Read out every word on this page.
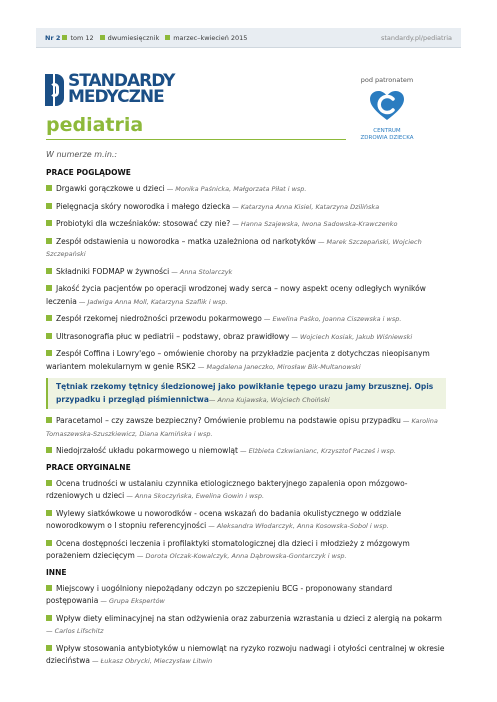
Nr 2 tom 12 dwumiesięcznik marzec–kwiecień 2015	standardy.pl/pediatria
STANDARDY
MEDYCZNE
pediatria
pod patronatem
CENTRUM
ZDROWIA DZIECKA
W numerze m.in.:
PRACE POGLĄDOWE
Drgawki gorączkowe u dzieci — Monika Paśnicka, Małgorzata Piłat i wsp.
Pielęgnacja skóry noworodka i małego dziecka — Katarzyna Anna Kisiel, Katarzyna Dzilińska
Probiotyki dla wcześniaków: stosować czy nie? — Hanna Szajewska, Iwona Sadowska-Krawczenko
Zespół odstawienia u noworodka – matka uzależniona od narkotyków — Marek Szczepański, Wojciech Szczepański
Składniki FODMAP w żywności — Anna Stolarczyk
Jakość życia pacjentów po operacji wrodzonej wady serca – nowy aspekt oceny odległych wyników leczenia — Jadwiga Anna Moll, Katarzyna Szaflik i wsp.
Zespół rzekomej niedrożności przewodu pokarmowego — Ewelina Paśko, Joanna Ciszewska i wsp.
Ultrasonografia płuc w pediatrii – podstawy, obraz prawidłowy — Wojciech Kosiak, Jakub Wiśniewski
Zespół Coffina i Lowry'ego – omówienie choroby na przykładzie pacjenta z dotychczas nieopisanym wariantem molekularnym w genie RSK2 — Magdalena Janeczko, Mirosław Bik-Multanowski
Tętniak rzekomy tętnicy śledzionowej jako powikłanie tępego urazu jamy brzusznej. Opis przypadku i przegląd piśmiennictwa— Anna Kujawska, Wojciech Choiński
Paracetamol – czy zawsze bezpieczny? Omówienie problemu na podstawie opisu przypadku — Karolina Tomaszewska-Szuszkiewicz, Diana Kamińska i wsp.
Niedojrzałość układu pokarmowego u niemowląt — Elżbieta Czkwianianc, Krzysztof Pacześ i wsp.
PRACE ORYGINALNE
Ocena trudności w ustalaniu czynnika etiologicznego bakteryjnego zapalenia opon mózgowo-rdzeniowych u dzieci — Anna Skoczyńska, Ewelina Gowin i wsp.
Wylewy siatkówkowe u noworodków - ocena wskazań do badania okulistycznego w oddziale noworodkowym o I stopniu referencyjności — Aleksandra Włodarczyk, Anna Kosowska-Sobol i wsp.
Ocena dostępności leczenia i profilaktyki stomatologicznej dla dzieci i młodzieży z mózgowym porażeniem dziecięcym — Dorota Olczak-Kowalczyk, Anna Dąbrowska-Gontarczyk i wsp.
INNE
Miejscowy i uogólniony niepożądany odczyn po szczepieniu BCG - proponowany standard postępowania — Grupa Ekspertów
Wpływ diety eliminacyjnej na stan odżywienia oraz zaburzenia wzrastania u dzieci z alergią na pokarm — Carlos Lifschitz
Wpływ stosowania antybiotyków u niemowląt na ryzyko rozwoju nadwagi i otyłości centralnej w okresie dzieciństwa — Łukasz Obrycki, Mieczysław Litwin
